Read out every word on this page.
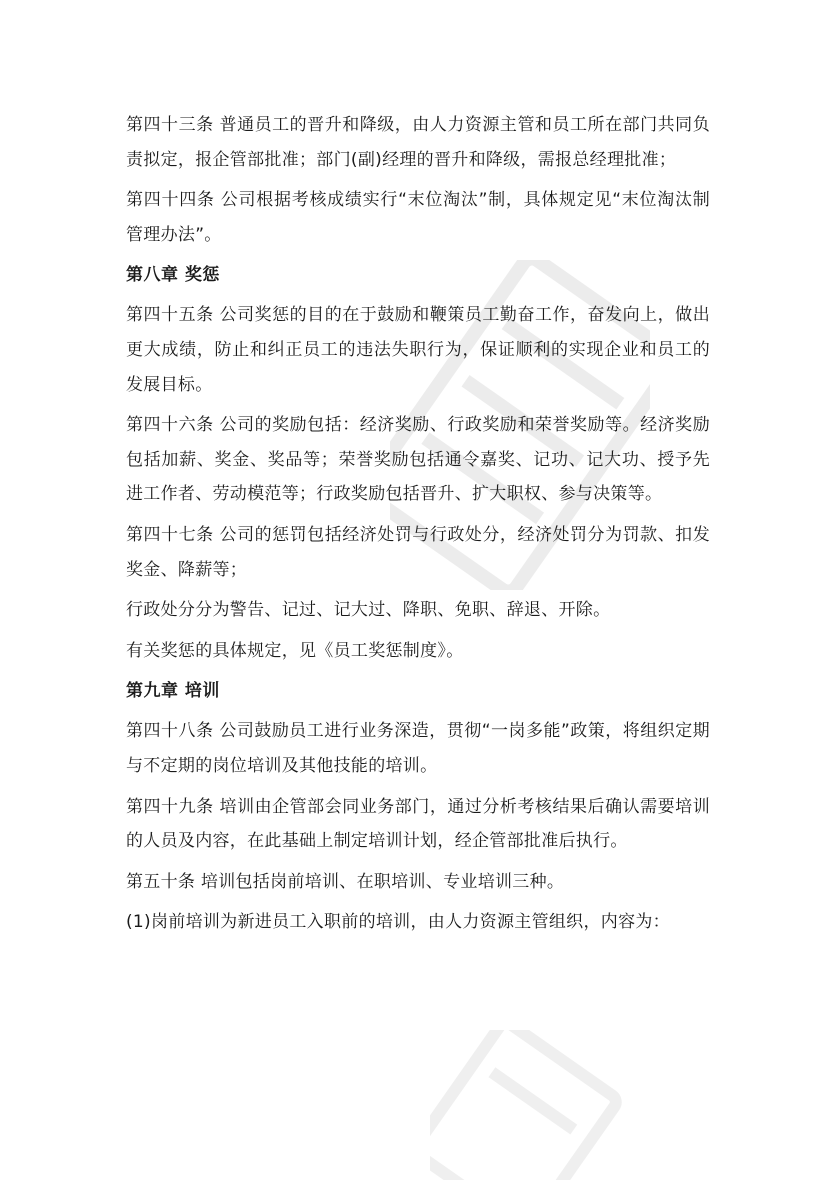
第四十三条 普通员工的晋升和降级，由人力资源主管和员工所在部门共同负责拟定，报企管部批准；部门(副)经理的晋升和降级，需报总经理批准；

第四十四条 公司根据考核成绩实行“末位淘汰”制，具体规定见“末位淘汰制管理办法”。

第八章 奖惩

第四十五条 公司奖惩的目的在于鼓励和鞭策员工勤奋工作，奋发向上，做出更大成绩，防止和纠正员工的违法失职行为，保证顺利的实现企业和员工的发展目标。

第四十六条 公司的奖励包括：经济奖励、行政奖励和荣誉奖励等。经济奖励包括加薪、奖金、奖品等；荣誉奖励包括通令嘉奖、记功、记大功、授予先进工作者、劳动模范等；行政奖励包括晋升、扩大职权、参与决策等。

第四十七条 公司的惩罚包括经济处罚与行政处分，经济处罚分为罚款、扣发奖金、降薪等；

行政处分分为警告、记过、记大过、降职、免职、辞退、开除。

有关奖惩的具体规定，见《员工奖惩制度》。

第九章 培训

第四十八条 公司鼓励员工进行业务深造，贯彻“一岗多能”政策，将组织定期与不定期的岗位培训及其他技能的培训。

第四十九条 培训由企管部会同业务部门，通过分析考核结果后确认需要培训的人员及内容，在此基础上制定培训计划，经企管部批准后执行。

第五十条 培训包括岗前培训、在职培训、专业培训三种。

(1)岗前培训为新进员工入职前的培训，由人力资源主管组织，内容为：
